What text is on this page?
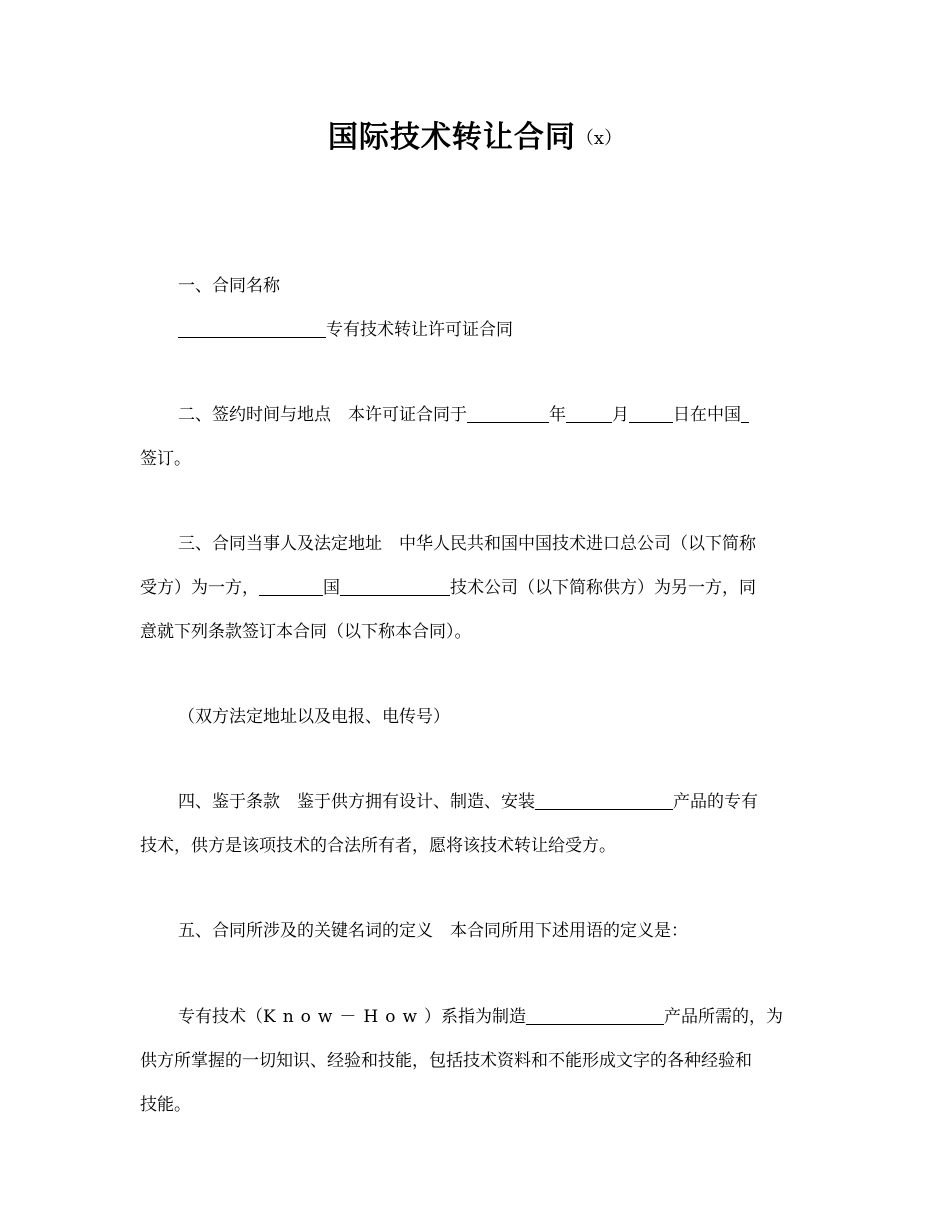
国际技术转让合同（x）
一、合同名称
专有技术转让许可证合同
二、签约时间与地点 本许可证合同于	年	月	日在中国
签订。
三、合同当事人及法定地址 中华人民共和国中国技术进口总公司（以下简称
受方）为一方，	国	技术公司（以下简称供方）为另一方，同
意就下列条款签订本合同（以下称本合同）。
（双方法定地址以及电报、电传号）
四、鉴于条款 鉴于供方拥有设计、制造、安装	产品的专有
技术，供方是该项技术的合法所有者，愿将该技术转让给受方。
五、合同所涉及的关键名词的定义 本合同所用下述用语的定义是：
专有技术（Know－How）系指为制造	产品所需的，为
供方所掌握的一切知识、经验和技能，包括技术资料和不能形成文字的各种经验和
技能。
